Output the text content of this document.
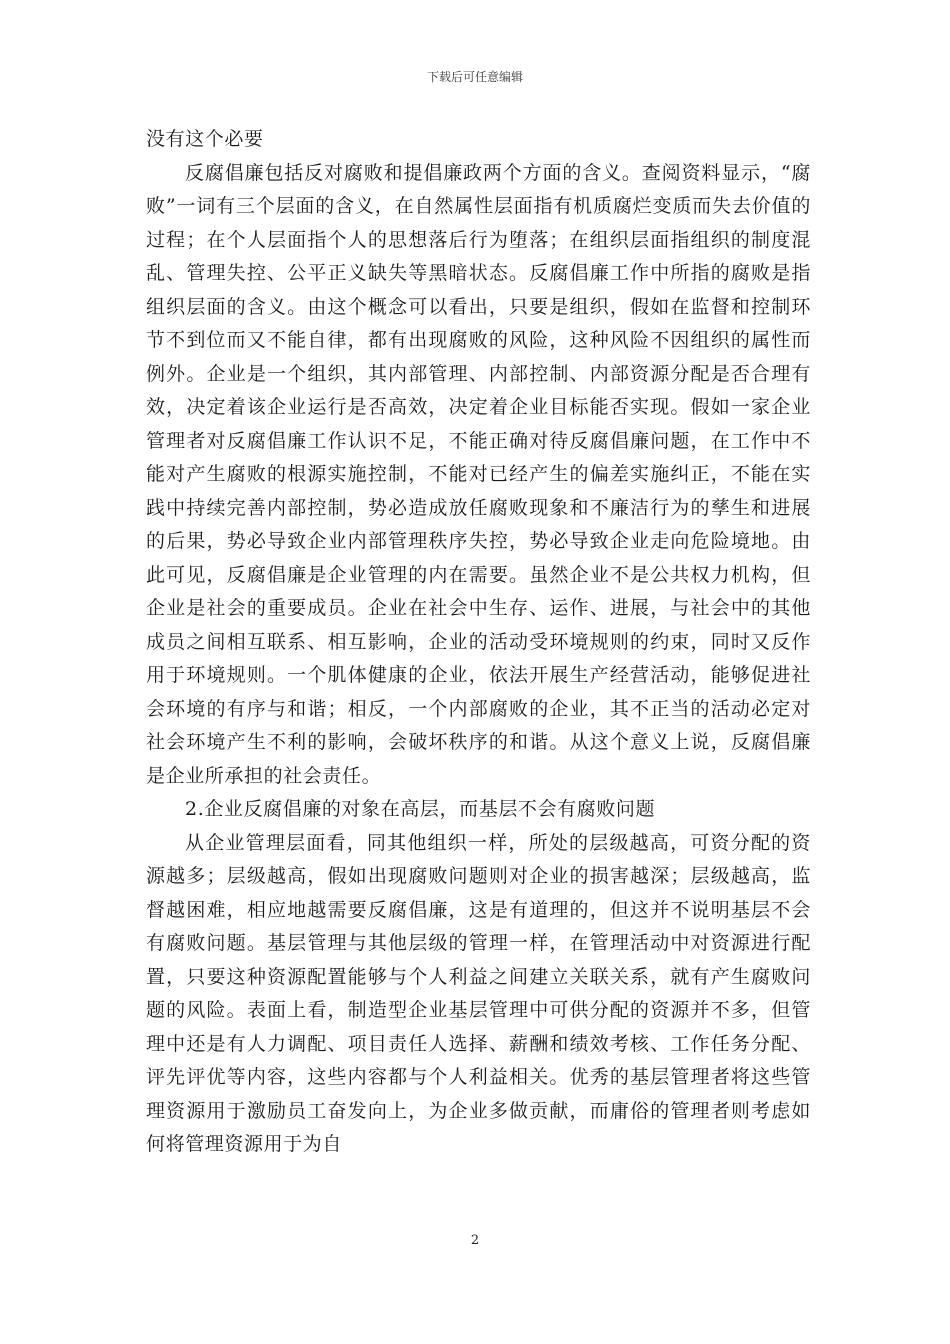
下载后可任意编辑

没有这个必要

反腐倡廉包括反对腐败和提倡廉政两个方面的含义。查阅资料显示，“腐败”一词有三个层面的含义，在自然属性层面指有机质腐烂变质而失去价值的过程；在个人层面指个人的思想落后行为堕落；在组织层面指组织的制度混乱、管理失控、公平正义缺失等黑暗状态。反腐倡廉工作中所指的腐败是指组织层面的含义。由这个概念可以看出，只要是组织，假如在监督和控制环节不到位而又不能自律，都有出现腐败的风险，这种风险不因组织的属性而例外。企业是一个组织，其内部管理、内部控制、内部资源分配是否合理有效，决定着该企业运行是否高效，决定着企业目标能否实现。假如一家企业管理者对反腐倡廉工作认识不足，不能正确对待反腐倡廉问题，在工作中不能对产生腐败的根源实施控制，不能对已经产生的偏差实施纠正，不能在实践中持续完善内部控制，势必造成放任腐败现象和不廉洁行为的孳生和进展的后果，势必导致企业内部管理秩序失控，势必导致企业走向危险境地。由此可见，反腐倡廉是企业管理的内在需要。虽然企业不是公共权力机构，但企业是社会的重要成员。企业在社会中生存、运作、进展，与社会中的其他成员之间相互联系、相互影响，企业的活动受环境规则的约束，同时又反作用于环境规则。一个肌体健康的企业，依法开展生产经营活动，能够促进社会环境的有序与和谐；相反，一个内部腐败的企业，其不正当的活动必定对社会环境产生不利的影响，会破坏秩序的和谐。从这个意义上说，反腐倡廉是企业所承担的社会责任。

2.企业反腐倡廉的对象在高层，而基层不会有腐败问题

从企业管理层面看，同其他组织一样，所处的层级越高，可资分配的资源越多；层级越高，假如出现腐败问题则对企业的损害越深；层级越高，监督越困难，相应地越需要反腐倡廉，这是有道理的，但这并不说明基层不会有腐败问题。基层管理与其他层级的管理一样，在管理活动中对资源进行配置，只要这种资源配置能够与个人利益之间建立关联关系，就有产生腐败问题的风险。表面上看，制造型企业基层管理中可供分配的资源并不多，但管理中还是有人力调配、项目责任人选择、薪酬和绩效考核、工作任务分配、评先评优等内容，这些内容都与个人利益相关。优秀的基层管理者将这些管理资源用于激励员工奋发向上，为企业多做贡献，而庸俗的管理者则考虑如何将管理资源用于为自

2
